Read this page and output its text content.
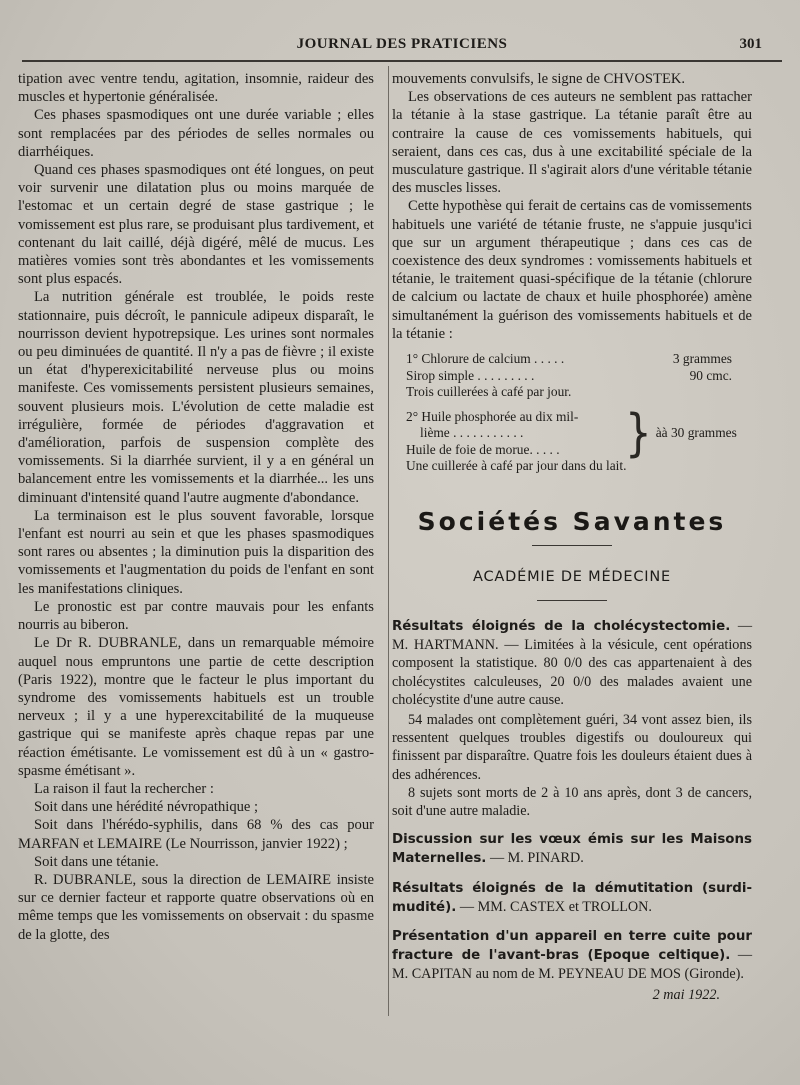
JOURNAL DES PRATICIENS	301

tipation avec ventre tendu, agitation, insomnie, raideur des muscles et hypertonie généralisée.

Ces phases spasmodiques ont une durée variable ; elles sont remplacées par des périodes de selles normales ou diarrhéiques.

Quand ces phases spasmodiques ont été longues, on peut voir survenir une dilatation plus ou moins marquée de l'estomac et un certain degré de stase gastrique ; le vomissement est plus rare, se produisant plus tardivement, et contenant du lait caillé, déjà digéré, mêlé de mucus. Les matières vomies sont très abondantes et les vomissements sont plus espacés.

La nutrition générale est troublée, le poids reste stationnaire, puis décroît, le pannicule adipeux disparaît, le nourrisson devient hypotrepsique. Les urines sont normales ou peu diminuées de quantité. Il n'y a pas de fièvre ; il existe un état d'hyperexicitabilité nerveuse plus ou moins manifeste. Ces vomissements persistent plusieurs semaines, souvent plusieurs mois. L'évolution de cette maladie est irrégulière, formée de périodes d'aggravation et d'amélioration, parfois de suspension complète des vomissements. Si la diarrhée survient, il y a en général un balancement entre les vomissements et la diarrhée... les uns diminuant d'intensité quand l'autre augmente d'abondance.

La terminaison est le plus souvent favorable, lorsque l'enfant est nourri au sein et que les phases spasmodiques sont rares ou absentes ; la diminution puis la disparition des vomissements et l'augmentation du poids de l'enfant en sont les manifestations cliniques.

Le pronostic est par contre mauvais pour les enfants nourris au biberon.

Le Dr R. DUBRANLE, dans un remarquable mémoire auquel nous empruntons une partie de cette description (Paris 1922), montre que le facteur le plus important du syndrome des vomissements habituels est un trouble nerveux ; il y a une hyperexcitabilité de la muqueuse gastrique qui se manifeste après chaque repas par une réaction émétisante. Le vomissement est dû à un « gastro-spasme émétisant ».

La raison il faut la rechercher :

Soit dans une hérédité névropathique ;

Soit dans l'hérédo-syphilis, dans 68 % des cas pour MARFAN et LEMAIRE (Le Nourrisson, janvier 1922) ;

Soit dans une tétanie.

R. DUBRANLE, sous la direction de LEMAIRE insiste sur ce dernier facteur et rapporte quatre observations où en même temps que les vomissements on observait : du spasme de la glotte, des

mouvements convulsifs, le signe de CHVOSTEK.

Les observations de ces auteurs ne semblent pas rattacher la tétanie à la stase gastrique. La tétanie paraît être au contraire la cause de ces vomissements habituels, qui seraient, dans ces cas, dus à une excitabilité spéciale de la musculature gastrique. Il s'agirait alors d'une véritable tétanie des muscles lisses.

Cette hypothèse qui ferait de certains cas de vomissements habituels une variété de tétanie fruste, ne s'appuie jusqu'ici que sur un argument thérapeutique ; dans ces cas de coexistence des deux syndromes : vomissements habituels et tétanie, le traitement quasi-spécifique de la tétanie (chlorure de calcium ou lactate de chaux et huile phosphorée) amène simultanément la guérison des vomissements habituels et de la tétanie :

1° Chlorure de calcium . . . . .	3 grammes
Sirop simple . . . . . . . . .	90 cmc.
Trois cuillerées à café par jour.
2° Huile phosphorée au dix mil-
lième . . . . . . . . . . .
Huile de foie de morue. . . . .	} àà 30 grammes
Une cuillerée à café par jour dans du lait.
Sociétés Savantes
ACADÉMIE DE MÉDECINE
Résultats éloignés de la cholécystectomie. — M. HARTMANN. — Limitées à la vésicule, cent opérations composent la statistique. 80 0/0 des cas appartenaient à des cholécystites calculeuses, 20 0/0 des malades avaient une cholécystite d'une autre cause.

54 malades ont complètement guéri, 34 vont assez bien, ils ressentent quelques troubles digestifs ou douloureux qui finissent par disparaître. Quatre fois les douleurs étaient dues à des adhérences.

8 sujets sont morts de 2 à 10 ans après, dont 3 de cancers, soit d'une autre maladie.

Discussion sur les vœux émis sur les Maisons Maternelles. — M. PINARD.
Résultats éloignés de la démutitation (surdi-mudité). — MM. CASTEX et TROLLON.
Présentation d'un appareil en terre cuite pour fracture de l'avant-bras (Epoque celtique). — M. CAPITAN au nom de M. PEYNEAU DE MOS (Gironde).
2 mai 1922.
